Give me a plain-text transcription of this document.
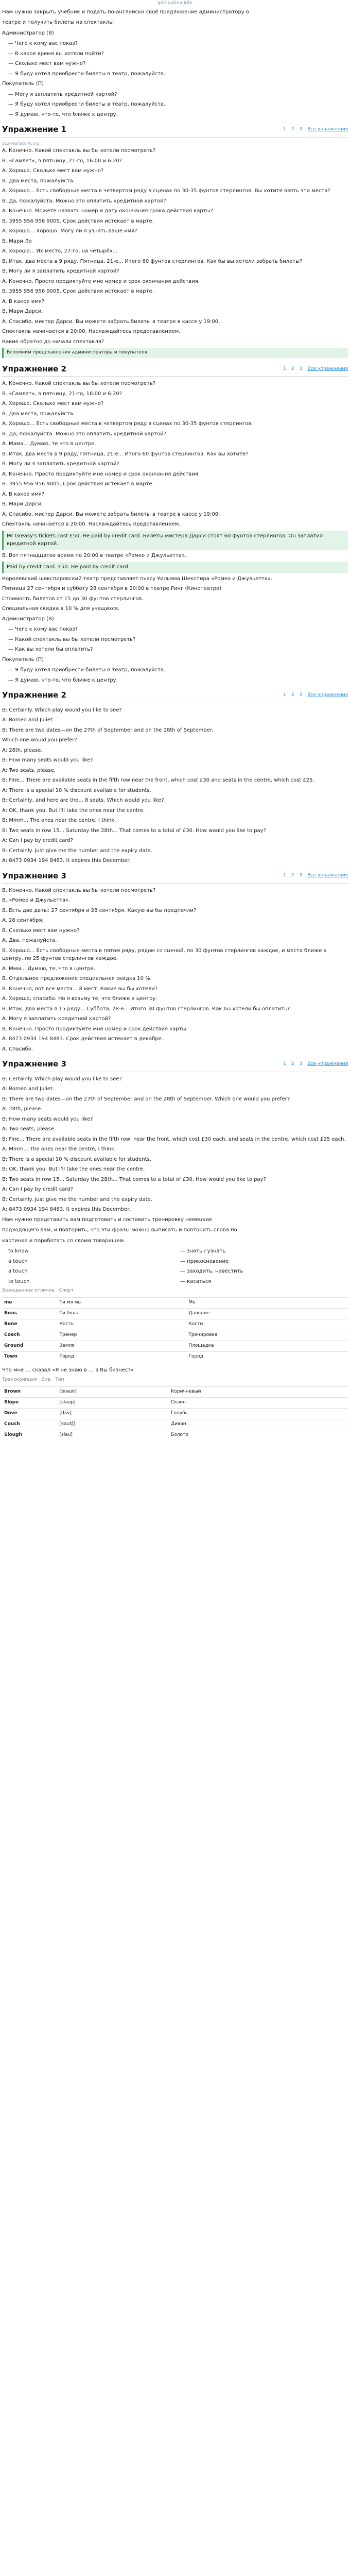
gdz-putina.info

Нам нужно закрыть учебник и подать по-английски своё предложение администратору в

театре и получить билеты на спектакль:

Администратор (B)
— Чего к кому вас показ?
— В какое время вы хотели пойти?
— Сколько мест вам нужно?
— Я буду хотел приобрести билеты в театр, пожалуйста.
Покупатель (П)
— Могу я заплатить кредитной картой?
— Я буду хотел приобрести билеты в театр, пожалуйста.
— Я думаю, что-то, что ближе к центру.
Упражнение 1	1 2 3 Все упражнения
gdz-reshebnik.org
A. Конечно. Какой спектакль вы бы хотели посмотреть?
B. «Гамлет», в пятницу, 21-го, 16:00 и 6:20?
A. Хорошо. Сколько мест вам нужно?
B. Два места, пожалуйста.
A. Хорошо... Есть свободные места в четвертом ряду в сценах по 30-35 фунтов стерлингов. Вы хотите взять эти места?
B. Да, пожалуйста. Можно это оплатить кредитной картой?
A. Конечно. Можете назвать номер и дату окончания срока действия карты?
B. 3955 956 956 9005. Срок действия истекает в марте.
A. Хорошо... Хорошо. Могу ли я узнать ваше имя?
B. Мари Ло
A. Хорошо... Их место, 27-го, на четырёх...
B. Итак, два места в 9 ряду, Пятница, 21-е... Итого 60 фунтов стерлингов. Как бы вы хотели забрать билеты?
B. Могу ли я заплатить кредитной картой?
A. Конечно. Просто продиктуйте мне номер и срок окончания действия.
B. 3955 956 956 9005. Срок действия истекает в марте.
A. В какое имя?
B. Мари Дарси.
A. Спасибо, мистер Дарси. Вы можете забрать билеты в театре в кассе у 19:00.
Спектакль начинается в 20:00. Наслаждайтесь представлением.
Какие обратно до начала спектакля?
Вспомним представления администратора и покупателя
Упражнение 2	1 2 3 Все упражнения
A. Конечно. Какой спектакль вы бы хотели посмотреть?
B. «Гамлет», в пятницу, 21-го, 16:00 и 6:20?
A. Хорошо. Сколько мест вам нужно?
B. Два места, пожалуйста.
A. Хорошо... Есть свободные места в четвертом ряду в сценах по 30-35 фунтов стерлингов.
B. Да, пожалуйста. Можно это оплатить кредитной картой?
A. Мама... Думаю, те что в центре.
B. Итак, два места в 9 ряду, Пятница, 21-е... Итого 60 фунтов стерлингов. Как вы хотите?
B. Могу ли я заплатить кредитной картой?
A. Конечно. Просто продиктуйте мне номер и срок окончания действия.
B. 3955 956 956 9005. Срок действия истекает в марте.
A. В какое имя?
B. Мари Дарси.
A. Спасибо, мистер Дарси. Вы можете забрать билеты в театре в кассе у 19:00.
Спектакль начинается в 20:00. Наслаждайтесь представлением.
Mr Greasy's tickets cost £50. He paid by credit card. Билеты мистера Дарси стоят 60 фунтов стерлингов. Он заплатил кредитной картой.
B. Вот пятнадцатое время по 20:00 в театре «Ромео и Джульетта».
Paid by credit card. £50. He paid by credit card.
Королевский шекспировский театр представляет пьесу Уильяма Шекспира «Ромео и Джульетта».
Пятница 27 сентября и субботу 28 сентября в 20:00 в театре Ринг (Кинотеатре)
Стоимость билетов от 15 до 30 фунтов стерлингов.
Специальная скидка в 10 % для учащихся.
Администратор (B)
— Чего к кому вас показ?
— Какой спектакль вы бы хотели посмотреть?
— Как вы хотели бы оплатить?
Покупатель (П)
— Я буду хотел приобрести билеты в театр, пожалуйста.
— Я думаю, что-то, что ближе к центру.
Упражнение 2	1 2 3 Все упражнения
B: Certainly. Which play would you like to see?
A: Romeo and Juliet.
B: There are two dates—on the 27th of September and on the 28th of September.
Which one would you prefer?
A: 28th, please.
B: How many seats would you like?
A: Two seats, please.
B: Fine... There are available seats in the fifth row near the front, which cost £30 and seats in the centre, which cost £25.
A: There is a special 10 % discount available for students.
B: Certainly, and here are the... 8 seats. Which would you like?
A: OK, thank you. But I'll take the ones near the centre.
B: Mmm... The ones near the centre, I think.
B: Two seats in row 15... Saturday the 28th... That comes to a total of £30. How would you like to pay?
A: Can I pay by credit card?
B: Certainly. Just give me the number and the expiry date.
A: 8473 0934 194 8483. It expires this December.
Упражнение 3	1 2 3 Все упражнения
B. Конечно. Какой спектакль вы бы хотели посмотреть?
B. «Ромео и Джульетта».
B. Есть две даты: 27 сентября и 28 сентября. Какую вы бы предпочли?
A. 28 сентября.
B. Сколько мест вам нужно?
A. Два, пожалуйста.
B. Хорошо... Есть свободные места в пятом ряду, рядом со сценой, по 30 фунтов стерлингов каждое, и места ближе к центру, по 25 фунтов стерлингов каждое.
A. Ммм... Думаю, те, что в центре.
B. Отдельное предложение специальная скидка 10 %.
B. Конечно, вот все места... 8 мест. Какие вы бы хотели?
A. Хорошо, спасибо. Но я возьму те, что ближе к центру.
B. Итак, два места в 15 ряду... Суббота, 28-е... Итого 30 фунтов стерлингов. Как вы хотели бы оплатить?
A. Могу я заплатить кредитной картой?
B. Конечно. Просто продиктуйте мне номер и срок действия карты.
A. 8473 0934 194 8483. Срок действия истекает в декабре.
A. Спасибо.
Упражнение 3	1 2 3 Все упражнения
B: Certainly. Which play would you like to see?
A: Romeo and Juliet.
B: There are two dates—on the 27th of September and on the 28th of September. Which one would you prefer?
A: 28th, please.
B: How many seats would you like?
A: Two seats, please.
B: Fine... There are available seats in the fifth row, near the front, which cost £30 each, and seats in the centre, which cost £25 each.
A: Mmm... The ones near the centre, I think.
B: There is a special 10 % discount available for students.
B: OK, thank you. But I'll take the ones near the centre.
B: Two seats in row 15... Saturday the 28th... That comes to a total of £30. How would you like to pay?
A: Can I pay by credit card?
B: Certainly. Just give me the number and the expiry date.
A: 8473 0934 194 8483. It expires this December.

Нам нужно представить вам подготовить и составить тренировку немецкие

подходящего вам, и повторить, что эти фразы можно выписать и повторить слова по

картинке и поработать со своим товарищем.

to know	— знать / узнать
a touch	— прикосновение
a touch	— заходить, навестить
to touch	— касаться
Врожденное отличие · Спорт
me	Ти мя мы	Ме
Боль	Ти боль	Дальние
Bone	Кость	Кости
Coach	Тренер	Тренировка
Ground	Земля	Площадка
Town	Город	Город

Что мне … сказал «Я не знаю в … в Вы бизнес?»

Транскрипция · Вид · Тип
Brown	[braun]	Коричневый
Slope	[sləup]	Склон
Dove	[dʌv]	Голубь
Couch	[kautʃ]	Диван
Slough	[slau]	Болото
